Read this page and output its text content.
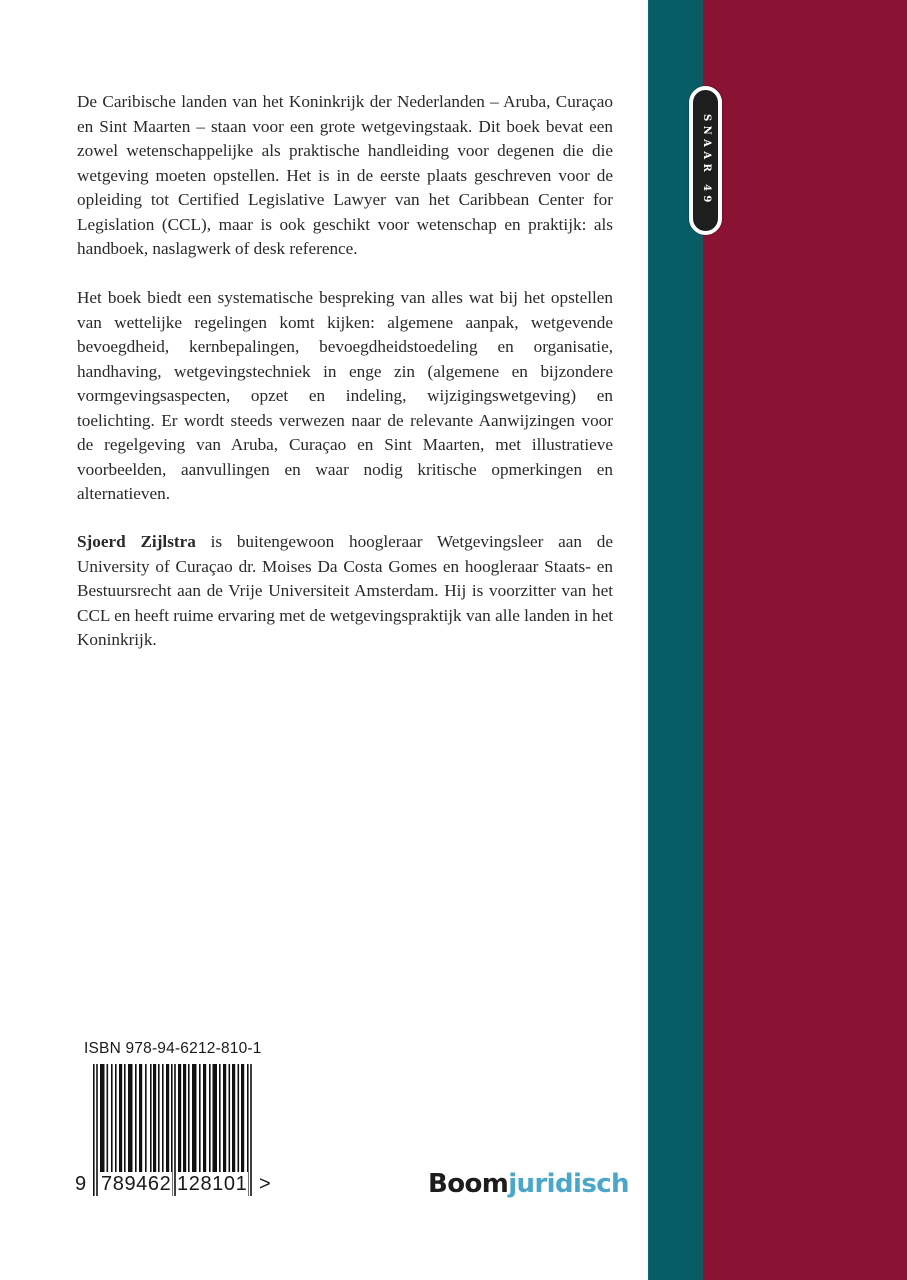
De Caribische landen van het Koninkrijk der Nederlanden – Aruba, Curaçao en Sint Maarten – staan voor een grote wetgevingstaak. Dit boek bevat een zowel wetenschappelijke als praktische handleiding voor degenen die die wetgeving moeten opstellen. Het is in de eerste plaats geschreven voor de opleiding tot Certified Legislative Lawyer van het Caribbean Center for Legislation (CCL), maar is ook geschikt voor wetenschap en praktijk: als handboek, naslagwerk of desk reference.

Het boek biedt een systematische bespreking van alles wat bij het opstellen van wettelijke regelingen komt kijken: algemene aanpak, wetgevende bevoegdheid, kernbepalingen, bevoegdheidstoedeling en organisatie, handhaving, wetgevingstechniek in enge zin (algemene en bijzondere vormgevingsaspecten, opzet en indeling, wijzigingswetgeving) en toelichting. Er wordt steeds verwezen naar de relevante Aanwijzingen voor de regelgeving van Aruba, Curaçao en Sint Maarten, met illustratieve voorbeelden, aanvullingen en waar nodig kritische opmerkingen en alternatieven.

Sjoerd Zijlstra is buitengewoon hoogleraar Wetgevingsleer aan de University of Curaçao dr. Moises Da Costa Gomes en hoogleraar Staats- en Bestuursrecht aan de Vrije Universiteit Amsterdam. Hij is voorzitter van het CCL en heeft ruime ervaring met de wetgevingspraktijk van alle landen in het Koninkrijk.

ISBN 978-94-6212-810-1
9 789462 128101 >	Boomjuridisch
SNAAR 49
